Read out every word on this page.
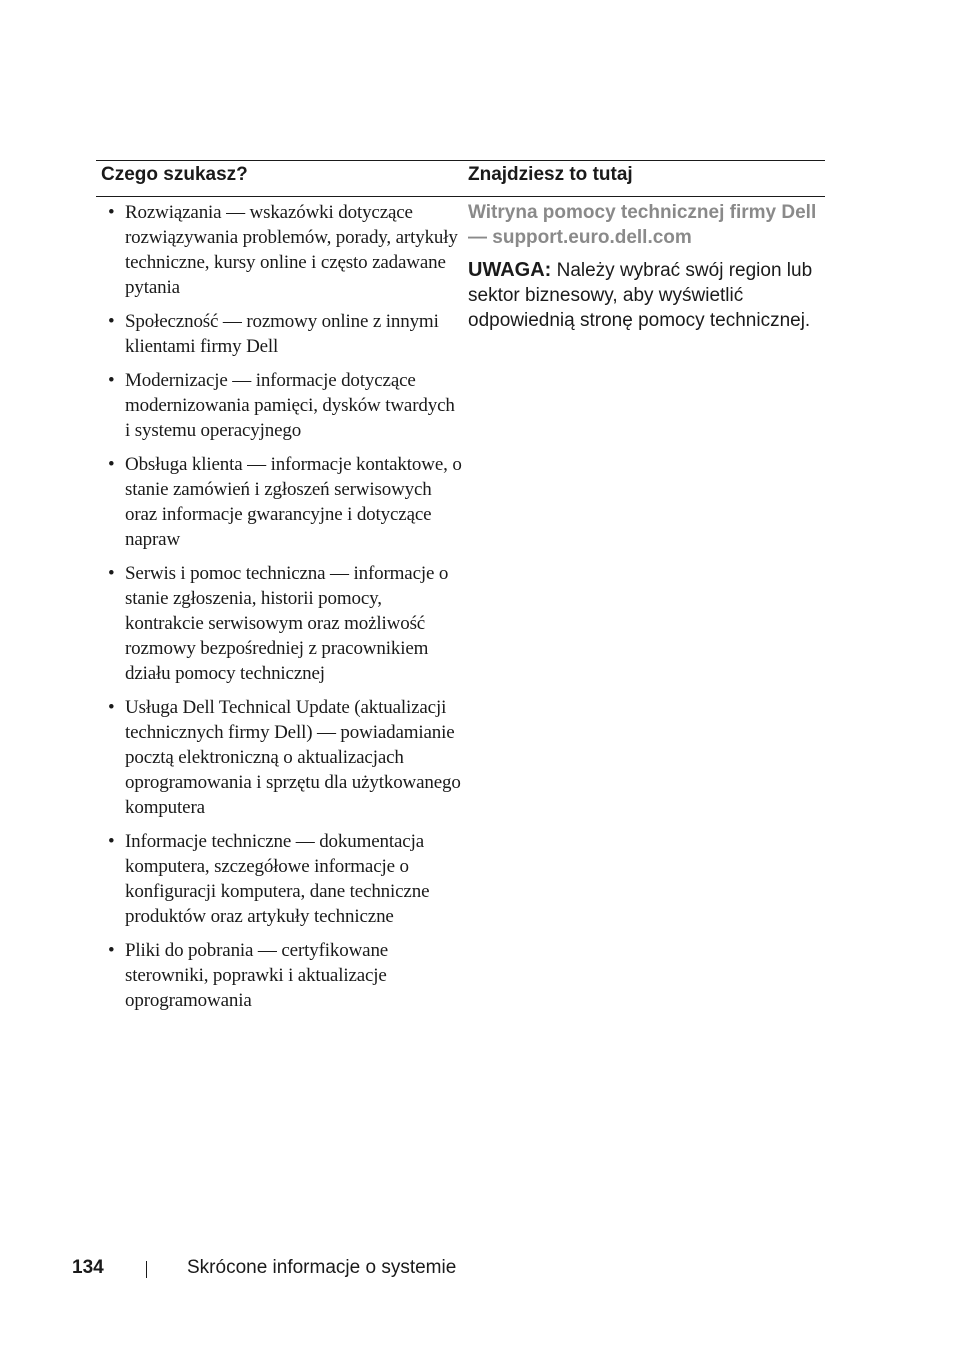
Czego szukasz?	Znajdziesz to tutaj
• Rozwiązania — wskazówki dotyczące rozwiązywania problemów, porady, artykuły techniczne, kursy online i często zadawane pytania
• Społeczność — rozmowy online z innymi klientami firmy Dell
• Modernizacje — informacje dotyczące modernizowania pamięci, dysków twardych i systemu operacyjnego
• Obsługa klienta — informacje kontaktowe, o stanie zamówień i zgłoszeń serwisowych oraz informacje gwarancyjne i dotyczące napraw
• Serwis i pomoc techniczna — informacje o stanie zgłoszenia, historii pomocy, kontrakcie serwisowym oraz możliwość rozmowy bezpośredniej z pracownikiem działu pomocy technicznej
• Usługa Dell Technical Update (aktualizacji technicznych firmy Dell) — powiadamianie pocztą elektroniczną o aktualizacjach oprogramowania i sprzętu dla użytkowanego komputera
• Informacje techniczne — dokumentacja komputera, szczegółowe informacje o konfiguracji komputera, dane techniczne produktów oraz artykuły techniczne
• Pliki do pobrania — certyfikowane sterowniki, poprawki i aktualizacje oprogramowania

Witryna pomocy technicznej firmy Dell — support.euro.dell.com

UWAGA: Należy wybrać swój region lub sektor biznesowy, aby wyświetlić odpowiednią stronę pomocy technicznej.

134	Skrócone informacje o systemie
